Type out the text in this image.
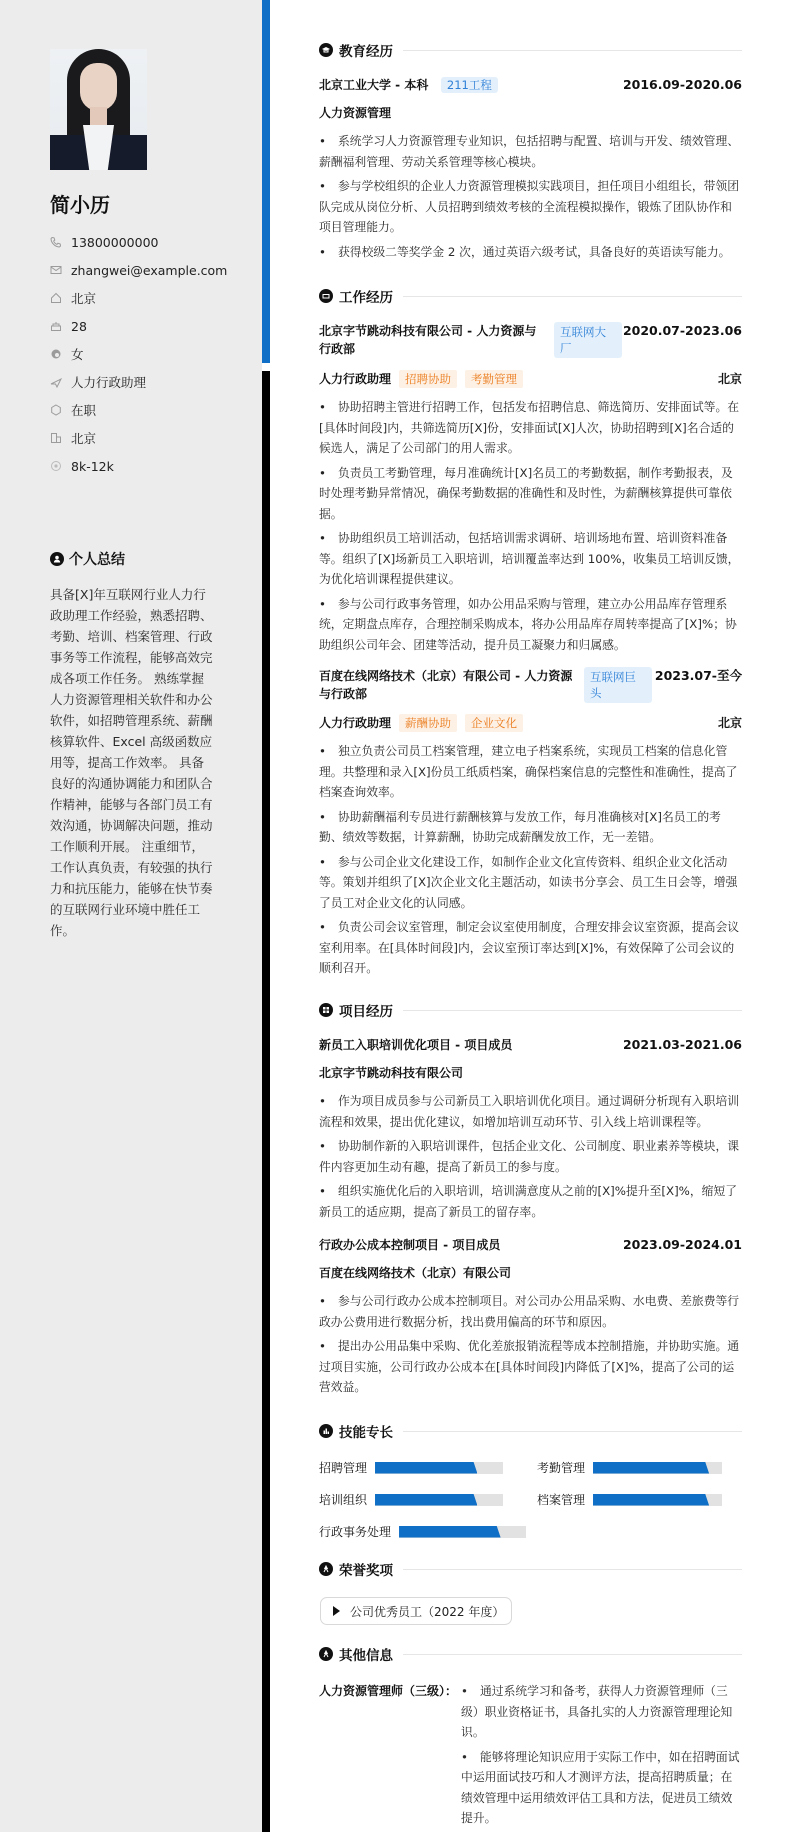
简小历
13800000000
zhangwei@example.com
北京
28
女
人力行政助理
在职
北京
8k-12k
个人总结

具备[X]年互联网行业人力行政助理工作经验，熟悉招聘、考勤、培训、档案管理、行政事务等工作流程，能够高效完成各项工作任务。 熟练掌握人力资源管理相关软件和办公软件，如招聘管理系统、薪酬核算软件、Excel 高级函数应用等，提高工作效率。 具备良好的沟通协调能力和团队合作精神，能够与各部门员工有效沟通，协调解决问题，推动工作顺利开展。 注重细节，工作认真负责，有较强的执行力和抗压能力，能够在快节奏的互联网行业环境中胜任工作。

教育经历
北京工业大学 - 本科 211工程	2016.09-2020.06
人力资源管理
• 系统学习人力资源管理专业知识，包括招聘与配置、培训与开发、绩效管理、薪酬福利管理、劳动关系管理等核心模块。
• 参与学校组织的企业人力资源管理模拟实践项目，担任项目小组组长，带领团队完成从岗位分析、人员招聘到绩效考核的全流程模拟操作，锻炼了团队协作和项目管理能力。
• 获得校级二等奖学金 2 次，通过英语六级考试，具备良好的英语读写能力。
工作经历
北京字节跳动科技有限公司 - 人力资源与行政部
互联网大厂
2020.07-2023.06
人力行政助理 招聘协助 考勤管理	北京
• 协助招聘主管进行招聘工作，包括发布招聘信息、筛选简历、安排面试等。在[具体时间段]内，共筛选简历[X]份，安排面试[X]人次，协助招聘到[X]名合适的候选人，满足了公司部门的用人需求。
• 负责员工考勤管理，每月准确统计[X]名员工的考勤数据，制作考勤报表，及时处理考勤异常情况，确保考勤数据的准确性和及时性，为薪酬核算提供可靠依据。
• 协助组织员工培训活动，包括培训需求调研、培训场地布置、培训资料准备等。组织了[X]场新员工入职培训，培训覆盖率达到 100%，收集员工培训反馈，为优化培训课程提供建议。
• 参与公司行政事务管理，如办公用品采购与管理，建立办公用品库存管理系统，定期盘点库存，合理控制采购成本，将办公用品库存周转率提高了[X]%；协助组织公司年会、团建等活动，提升员工凝聚力和归属感。
百度在线网络技术（北京）有限公司 - 人力资源与行政部
互联网巨头
2023.07-至今
人力行政助理 薪酬协助 企业文化	北京
• 独立负责公司员工档案管理，建立电子档案系统，实现员工档案的信息化管理。共整理和录入[X]份员工纸质档案，确保档案信息的完整性和准确性，提高了档案查询效率。
• 协助薪酬福利专员进行薪酬核算与发放工作，每月准确核对[X]名员工的考勤、绩效等数据，计算薪酬，协助完成薪酬发放工作，无一差错。
• 参与公司企业文化建设工作，如制作企业文化宣传资料、组织企业文化活动等。策划并组织了[X]次企业文化主题活动，如读书分享会、员工生日会等，增强了员工对企业文化的认同感。
• 负责公司会议室管理，制定会议室使用制度，合理安排会议室资源，提高会议室利用率。在[具体时间段]内，会议室预订率达到[X]%，有效保障了公司会议的顺利召开。
项目经历
新员工入职培训优化项目 - 项目成员	2021.03-2021.06
北京字节跳动科技有限公司
• 作为项目成员参与公司新员工入职培训优化项目。通过调研分析现有入职培训流程和效果，提出优化建议，如增加培训互动环节、引入线上培训课程等。
• 协助制作新的入职培训课件，包括企业文化、公司制度、职业素养等模块，课件内容更加生动有趣，提高了新员工的参与度。
• 组织实施优化后的入职培训，培训满意度从之前的[X]%提升至[X]%，缩短了新员工的适应期，提高了新员工的留存率。
行政办公成本控制项目 - 项目成员	2023.09-2024.01
百度在线网络技术（北京）有限公司
• 参与公司行政办公成本控制项目。对公司办公用品采购、水电费、差旅费等行政办公费用进行数据分析，找出费用偏高的环节和原因。
• 提出办公用品集中采购、优化差旅报销流程等成本控制措施，并协助实施。通过项目实施，公司行政办公成本在[具体时间段]内降低了[X]%，提高了公司的运营效益。
技能专长
招聘管理	考勤管理
培训组织	档案管理
行政事务处理
荣誉奖项
公司优秀员工（2022 年度）
其他信息
人力资源管理师（三级）：	• 通过系统学习和备考，获得人力资源管理师（三级）职业资格证书，具备扎实的人力资源管理理论知识。
• 能够将理论知识应用于实际工作中，如在招聘面试中运用面试技巧和人才测评方法，提高招聘质量；在绩效管理中运用绩效评估工具和方法，促进员工绩效提升。
